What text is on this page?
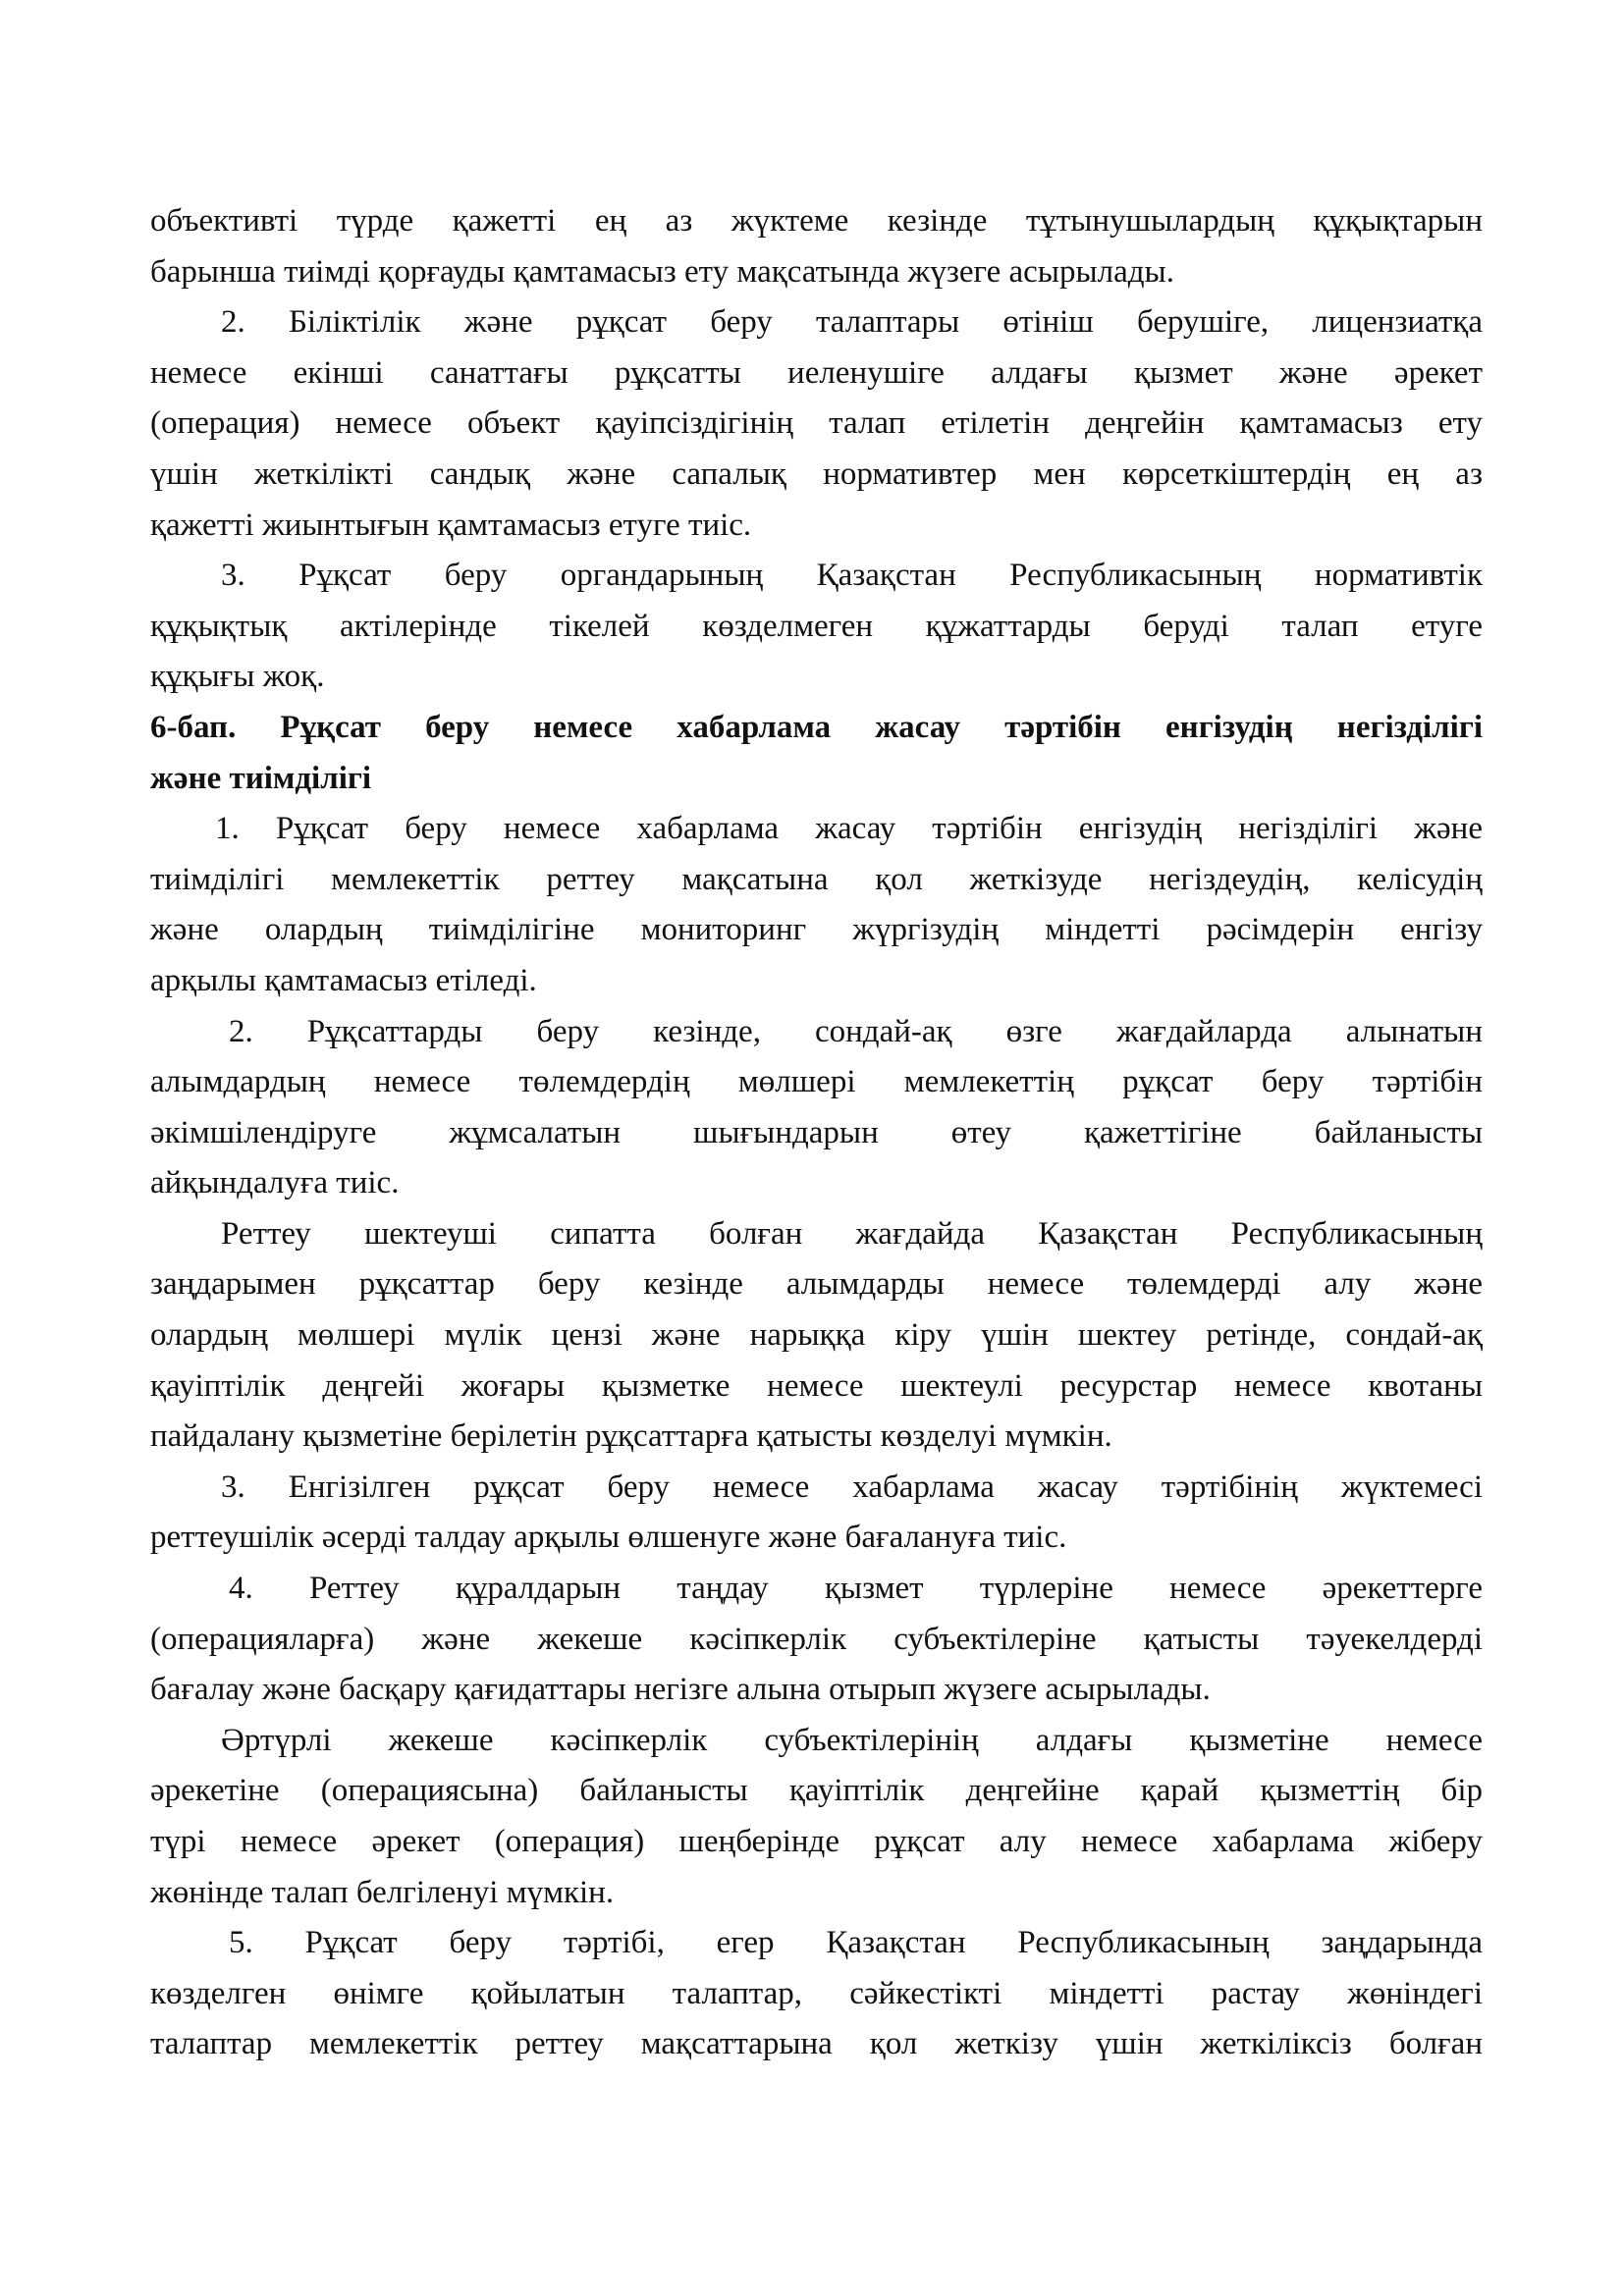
объективті түрде қажетті ең аз жүктеме кезінде тұтынушылардың құқықтарын
барынша тиімді қорғауды қамтамасыз ету мақсатында жүзеге асырылады.
2. Біліктілік және рұқсат беру талаптары өтініш берушіге, лицензиатқа
немесе екінші санаттағы рұқсатты иеленушіге алдағы қызмет және әрекет
(операция) немесе объект қауіпсіздігінің талап етілетін деңгейін қамтамасыз ету
үшін жеткілікті сандық және сапалық нормативтер мен көрсеткіштердің ең аз
қажетті жиынтығын қамтамасыз етуге тиіс.
3. Рұқсат беру органдарының Қазақстан Республикасының нормативтік
құқықтық актілерінде тікелей көзделмеген құжаттарды беруді талап етуге
құқығы жоқ.
6-бап. Рұқсат беру немесе хабарлама жасау тәртібін енгізудің негізділігі
және тиімділігі
1. Рұқсат беру немесе хабарлама жасау тәртібін енгізудің негізділігі және
тиімділігі мемлекеттік реттеу мақсатына қол жеткізуде негіздеудің, келісудің
және олардың тиімділігіне мониторинг жүргізудің міндетті рәсімдерін енгізу
арқылы қамтамасыз етіледі.
2. Рұқсаттарды беру кезінде, сондай-ақ өзге жағдайларда алынатын
алымдардың немесе төлемдердің мөлшері мемлекеттің рұқсат беру тәртібін
әкімшілендіруге жұмсалатын шығындарын өтеу қажеттігіне байланысты
айқындалуға тиіс.
Реттеу шектеуші сипатта болған жағдайда Қазақстан Республикасының
заңдарымен рұқсаттар беру кезінде алымдарды немесе төлемдерді алу және
олардың мөлшері мүлік цензі және нарыққа кіру үшін шектеу ретінде, сондай-ақ
қауіптілік деңгейі жоғары қызметке немесе шектеулі ресурстар немесе квотаны
пайдалану қызметіне берілетін рұқсаттарға қатысты көзделуі мүмкін.
3. Енгізілген рұқсат беру немесе хабарлама жасау тәртібінің жүктемесі
реттеушілік әсерді талдау арқылы өлшенуге және бағалануға тиіс.
4. Реттеу құралдарын таңдау қызмет түрлеріне немесе әрекеттерге
(операцияларға) және жекеше кәсіпкерлік субъектілеріне қатысты тәуекелдерді
бағалау және басқару қағидаттары негізге алына отырып жүзеге асырылады.
Әртүрлі жекеше кәсіпкерлік субъектілерінің алдағы қызметіне немесе
әрекетіне (операциясына) байланысты қауіптілік деңгейіне қарай қызметтің бір
түрі немесе әрекет (операция) шеңберінде рұқсат алу немесе хабарлама жіберу
жөнінде талап белгіленуі мүмкін.
5. Рұқсат беру тәртібі, егер Қазақстан Республикасының заңдарында
көзделген өнімге қойылатын талаптар, сәйкестікті міндетті растау жөніндегі
талаптар мемлекеттік реттеу мақсаттарына қол жеткізу үшін жеткіліксіз болған
